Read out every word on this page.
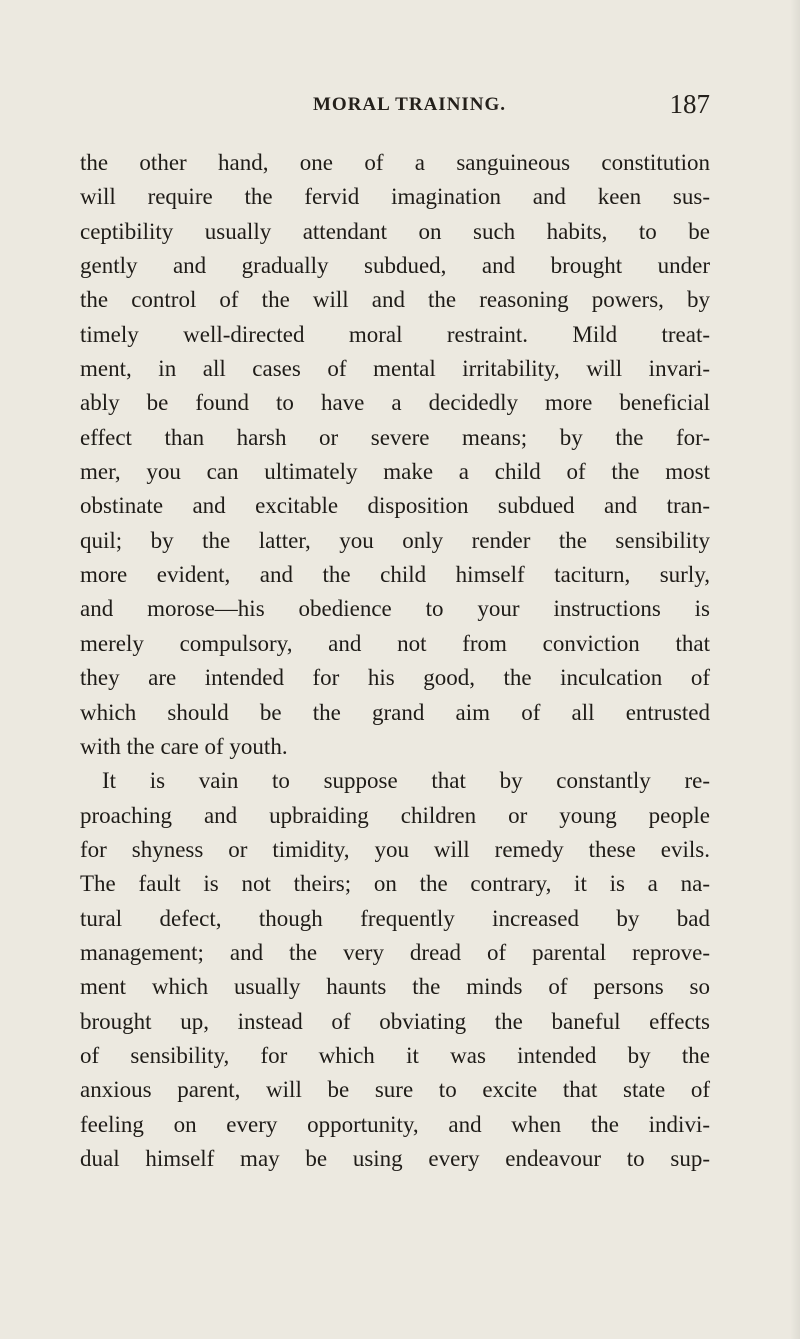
MORAL TRAINING.	187
the other hand, one of a sanguineous constitution
will require the fervid imagination and keen sus-
ceptibility usually attendant on such habits, to be
gently and gradually subdued, and brought under
the control of the will and the reasoning powers, by
timely well-directed moral restraint. Mild treat-
ment, in all cases of mental irritability, will invari-
ably be found to have a decidedly more beneficial
effect than harsh or severe means; by the for-
mer, you can ultimately make a child of the most
obstinate and excitable disposition subdued and tran-
quil; by the latter, you only render the sensibility
more evident, and the child himself taciturn, surly,
and morose—his obedience to your instructions is
merely compulsory, and not from conviction that
they are intended for his good, the inculcation of
which should be the grand aim of all entrusted
with the care of youth.
It is vain to suppose that by constantly re-
proaching and upbraiding children or young people
for shyness or timidity, you will remedy these evils.
The fault is not theirs; on the contrary, it is a na-
tural defect, though frequently increased by bad
management; and the very dread of parental reprove-
ment which usually haunts the minds of persons so
brought up, instead of obviating the baneful effects
of sensibility, for which it was intended by the
anxious parent, will be sure to excite that state of
feeling on every opportunity, and when the indivi-
dual himself may be using every endeavour to sup-
